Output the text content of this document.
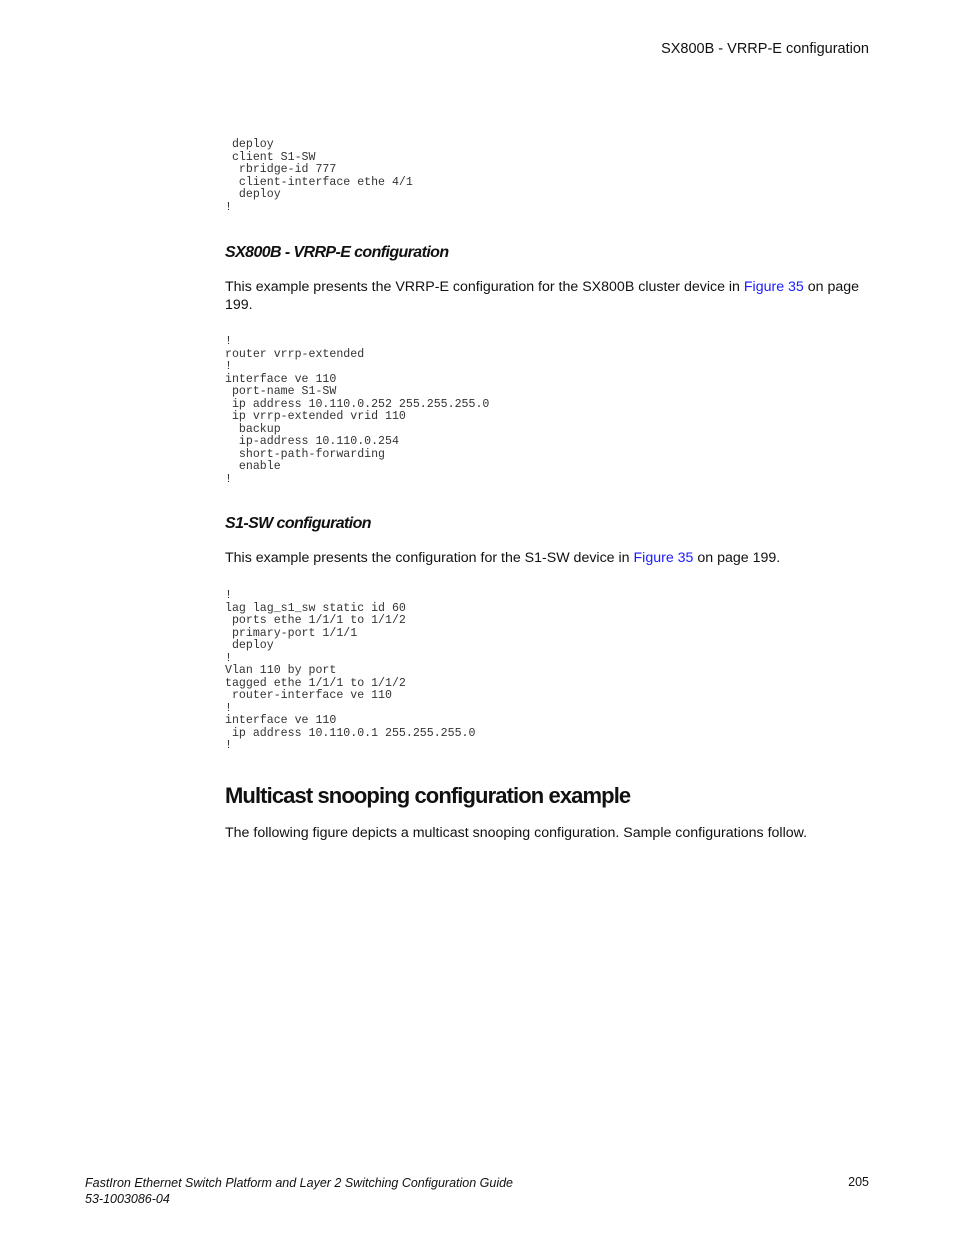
SX800B - VRRP-E configuration
deploy
client S1-SW
rbridge-id 777
client-interface ethe 4/1
deploy
!
SX800B - VRRP-E configuration

This example presents the VRRP-E configuration for the SX800B cluster device in Figure 35 on page 199.

!
router vrrp-extended
!
interface ve 110
port-name S1-SW
ip address 10.110.0.252 255.255.255.0
ip vrrp-extended vrid 110
backup
ip-address 10.110.0.254
short-path-forwarding
enable
!
S1-SW configuration

This example presents the configuration for the S1-SW device in Figure 35 on page 199.

!
lag lag_s1_sw static id 60
ports ethe 1/1/1 to 1/1/2
primary-port 1/1/1
deploy
!
Vlan 110 by port
tagged ethe 1/1/1 to 1/1/2
router-interface ve 110
!
interface ve 110
ip address 10.110.0.1 255.255.255.0
!
Multicast snooping configuration example

The following figure depicts a multicast snooping configuration. Sample configurations follow.

FastIron Ethernet Switch Platform and Layer 2 Switching Configuration Guide
53-1003086-04
205
